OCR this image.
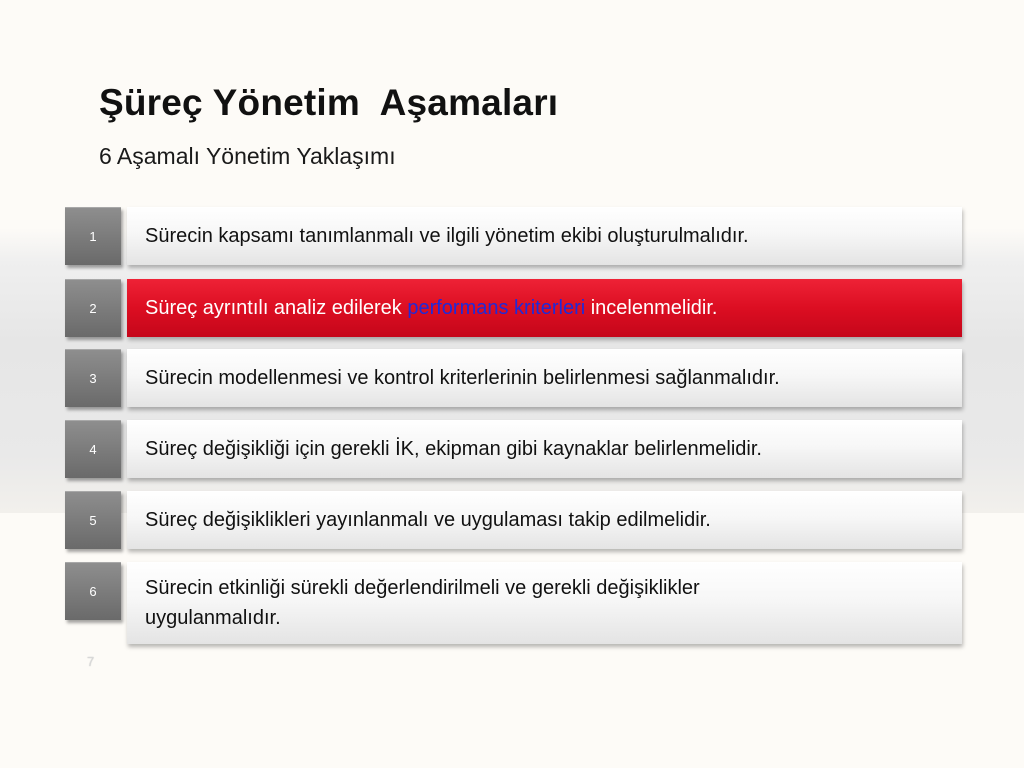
Şüreç Yönetim  Aşamaları

6 Aşamalı Yönetim Yaklaşımı

1	Sürecin kapsamı tanımlanmalı ve ilgili yönetim ekibi oluşturulmalıdır.
2	Süreç ayrıntılı analiz edilerek performans kriterleri incelenmelidir.
3	Sürecin modellenmesi ve kontrol kriterlerinin belirlenmesi sağlanmalıdır.
4	Süreç değişikliği için gerekli İK, ekipman gibi kaynaklar belirlenmelidir.
5	Süreç değişiklikleri yayınlanmalı ve uygulaması takip edilmelidir.
6	Sürecin etkinliği sürekli değerlendirilmeli ve gerekli değişiklikler
uygulanmalıdır.
7
